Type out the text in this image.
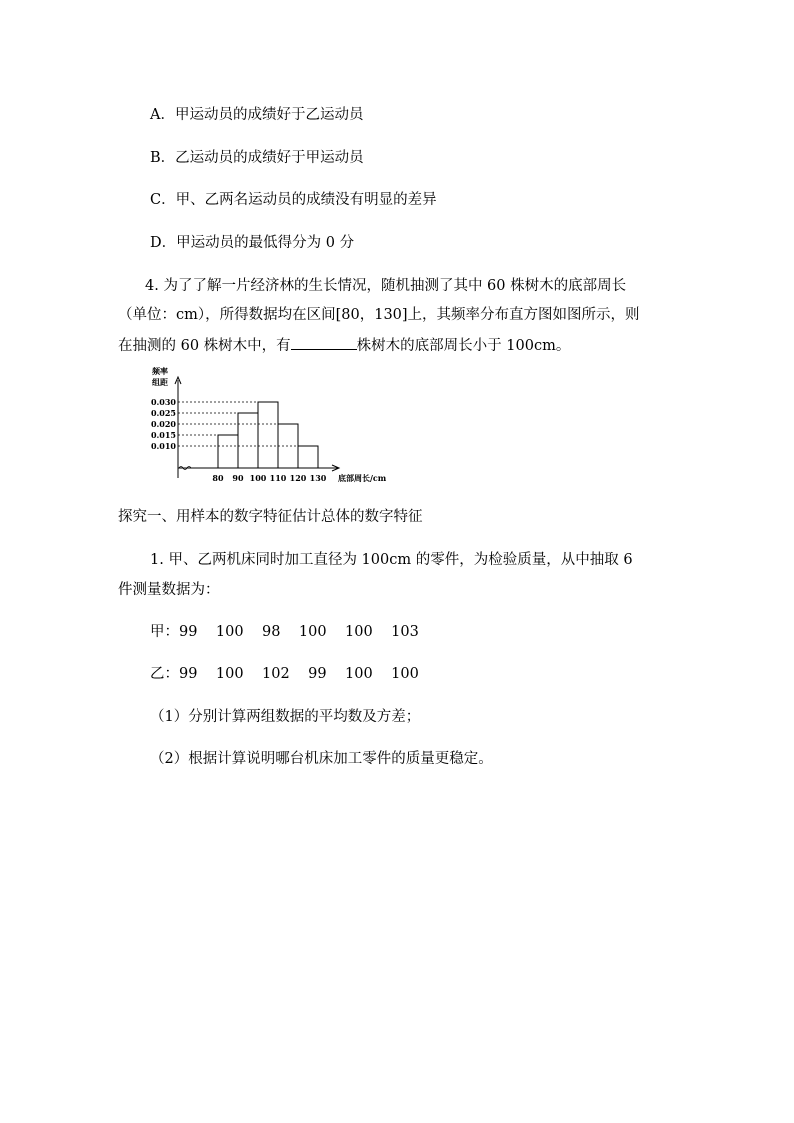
A．甲运动员的成绩好于乙运动员
B．乙运动员的成绩好于甲运动员
C．甲、乙两名运动员的成绩没有明显的差异
D．甲运动员的最低得分为 0 分
4. 为了了解一片经济林的生长情况，随机抽测了其中 60 株树木的底部周长
（单位：cm），所得数据均在区间[80，130]上，其频率分布直方图如图所示，则
在抽测的 60 株树木中，有	株树木的底部周长小于 100cm。
频率
组距
底部周长/cm
0.030
0.025
0.020
0.015
0.010
80 90 100 110 120 130
探究一、用样本的数字特征估计总体的数字特征
1. 甲、乙两机床同时加工直径为 100cm 的零件，为检验质量，从中抽取 6
件测量数据为：
甲：99    100    98    100    100    103
乙：99    100    102    99    100    100
（1）分别计算两组数据的平均数及方差；
（2）根据计算说明哪台机床加工零件的质量更稳定。
